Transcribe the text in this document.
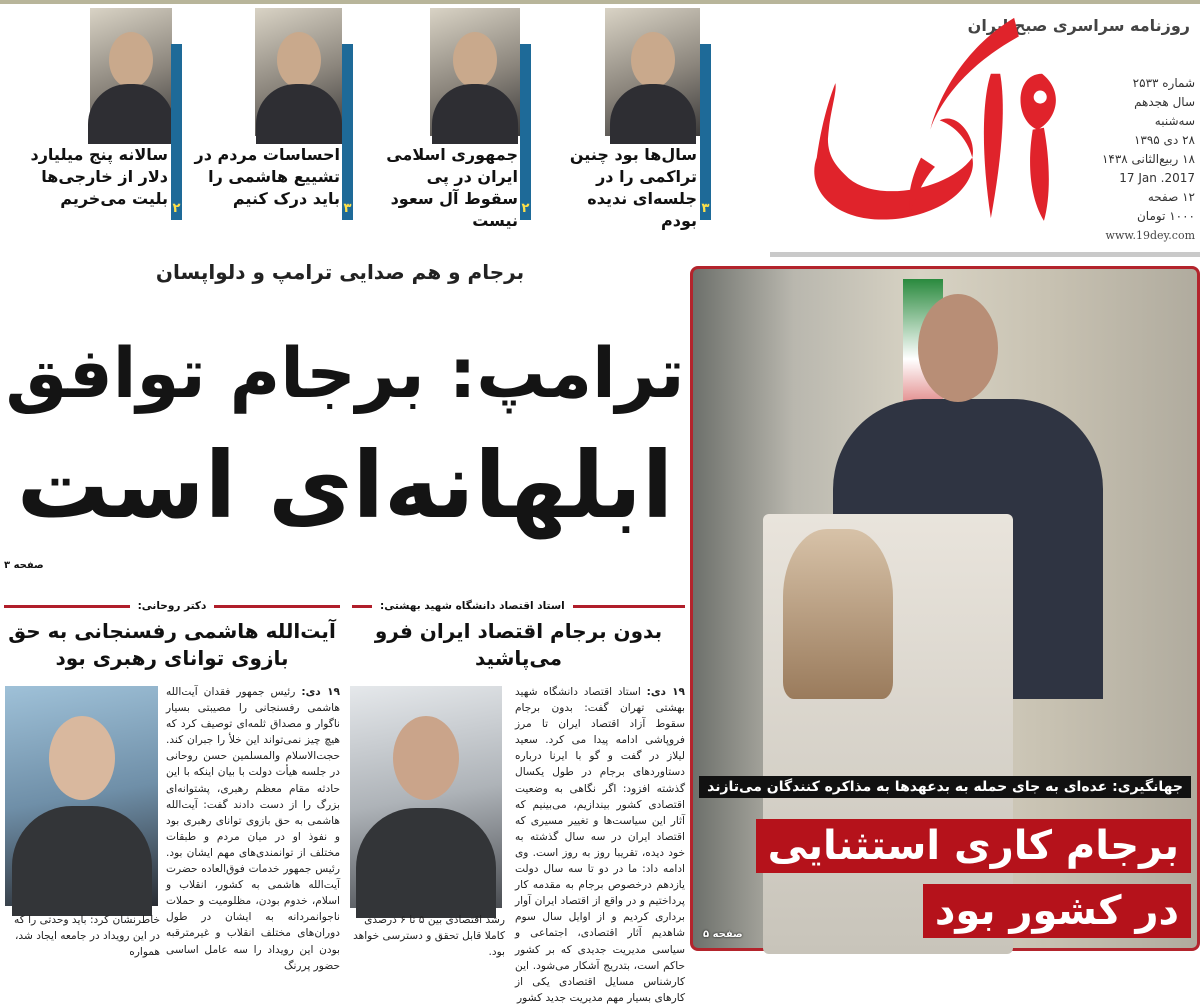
روزنامه سراسری صبح ایران
شماره ۲۵۳۳
سال هجدهم
سه‌شنبه
۲۸ دی ۱۳۹۵
۱۸ ربیع‌الثانی ۱۴۳۸
17 Jan .2017
۱۲ صفحه
۱۰۰۰ تومان
www.19dey.com
۳
سال‌ها بود چنین تراکمی را در جلسه‌ای ندیده بودم
۲
جمهوری اسلامی ایران در پی سقوط آل سعود نیست
۳
احساسات مردم در تشییع هاشمی را باید درک کنیم
۲
سالانه پنج میلیارد دلار از خارجی‌ها بلیت می‌خریم
برجام و هم صدایی ترامپ و دلواپسان
ترامپ: برجام توافق
ابلهانه‌ای است
صفحه ۳
استاد اقتصاد دانشگاه شهید بهشتی:
بدون برجام اقتصاد ایران فرو می‌پاشید
رشد اقتصادی بین ۵ تا ۶ درصدی کاملا قابل تحقق و دسترسی خواهد بود.
۱۹ دی: استاد اقتصاد دانشگاه شهید بهشتی تهران گفت: بدون برجام سقوط آزاد اقتصاد ایران تا مرز فروپاشی ادامه پیدا می کرد. سعید لیلاز در گفت و گو با ایرنا درباره دستاوردهای برجام در طول یکسال گذشته افزود: اگر نگاهی به وضعیت اقتصادی کشور بیندازیم، می‌بینیم که آثار این سیاست‌ها و تغییر مسیری که اقتصاد ایران در سه سال گذشته به خود دیده، تقریبا روز به روز است. وی ادامه داد: ما در دو تا سه سال دولت یازدهم درخصوص برجام به مقدمه کار پرداختیم و در واقع از اقتصاد ایران آوار برداری کردیم و از اوایل سال سوم شاهدیم آثار اقتصادی، اجتماعی و سیاسی مدیریت جدیدی که بر کشور حاکم است، بتدریج آشکار می‌شود. این کارشناس مسایل اقتصادی یکی از کارهای بسیار مهم مدیریت جدید کشور
دکتر روحانی:
آیت‌الله هاشمی رفسنجانی به حق بازوی توانای رهبری بود
خاطرنشان کرد: باید وحدتی را که در این رویداد در جامعه ایجاد شد، همواره
۱۹ دی: رئیس جمهور فقدان آیت‌الله هاشمی رفسنجانی را مصیبتی بسیار ناگوار و مصداق ثلمه‌ای توصیف کرد که هیچ چیز نمی‌تواند این خلأ را جبران کند. حجت‌الاسلام والمسلمین حسن روحانی در جلسه هیأت دولت با بیان اینکه با این حادثه مقام معظم رهبری، پشتوانه‌ای بزرگ را از دست دادند گفت: آیت‌الله هاشمی به حق بازوی توانای رهبری بود و نفوذ او در میان مردم و طبقات مختلف از توانمندی‌های مهم ایشان بود. رئیس جمهور خدمات فوق‌العاده حضرت آیت‌الله هاشمی به کشور، انقلاب و اسلام، خدوم بودن، مظلومیت و حملات ناجوانمردانه به ایشان در طول دوران‌های مختلف انقلاب و غیرمترقبه بودن این رویداد را سه عامل اساسی حضور پررنگ
جهانگیری: عده‌ای به جای حمله به بدعهدها به مذاکره کنندگان می‌تازند
برجام کاری استثنایی
در کشور بود
صفحه ۵
